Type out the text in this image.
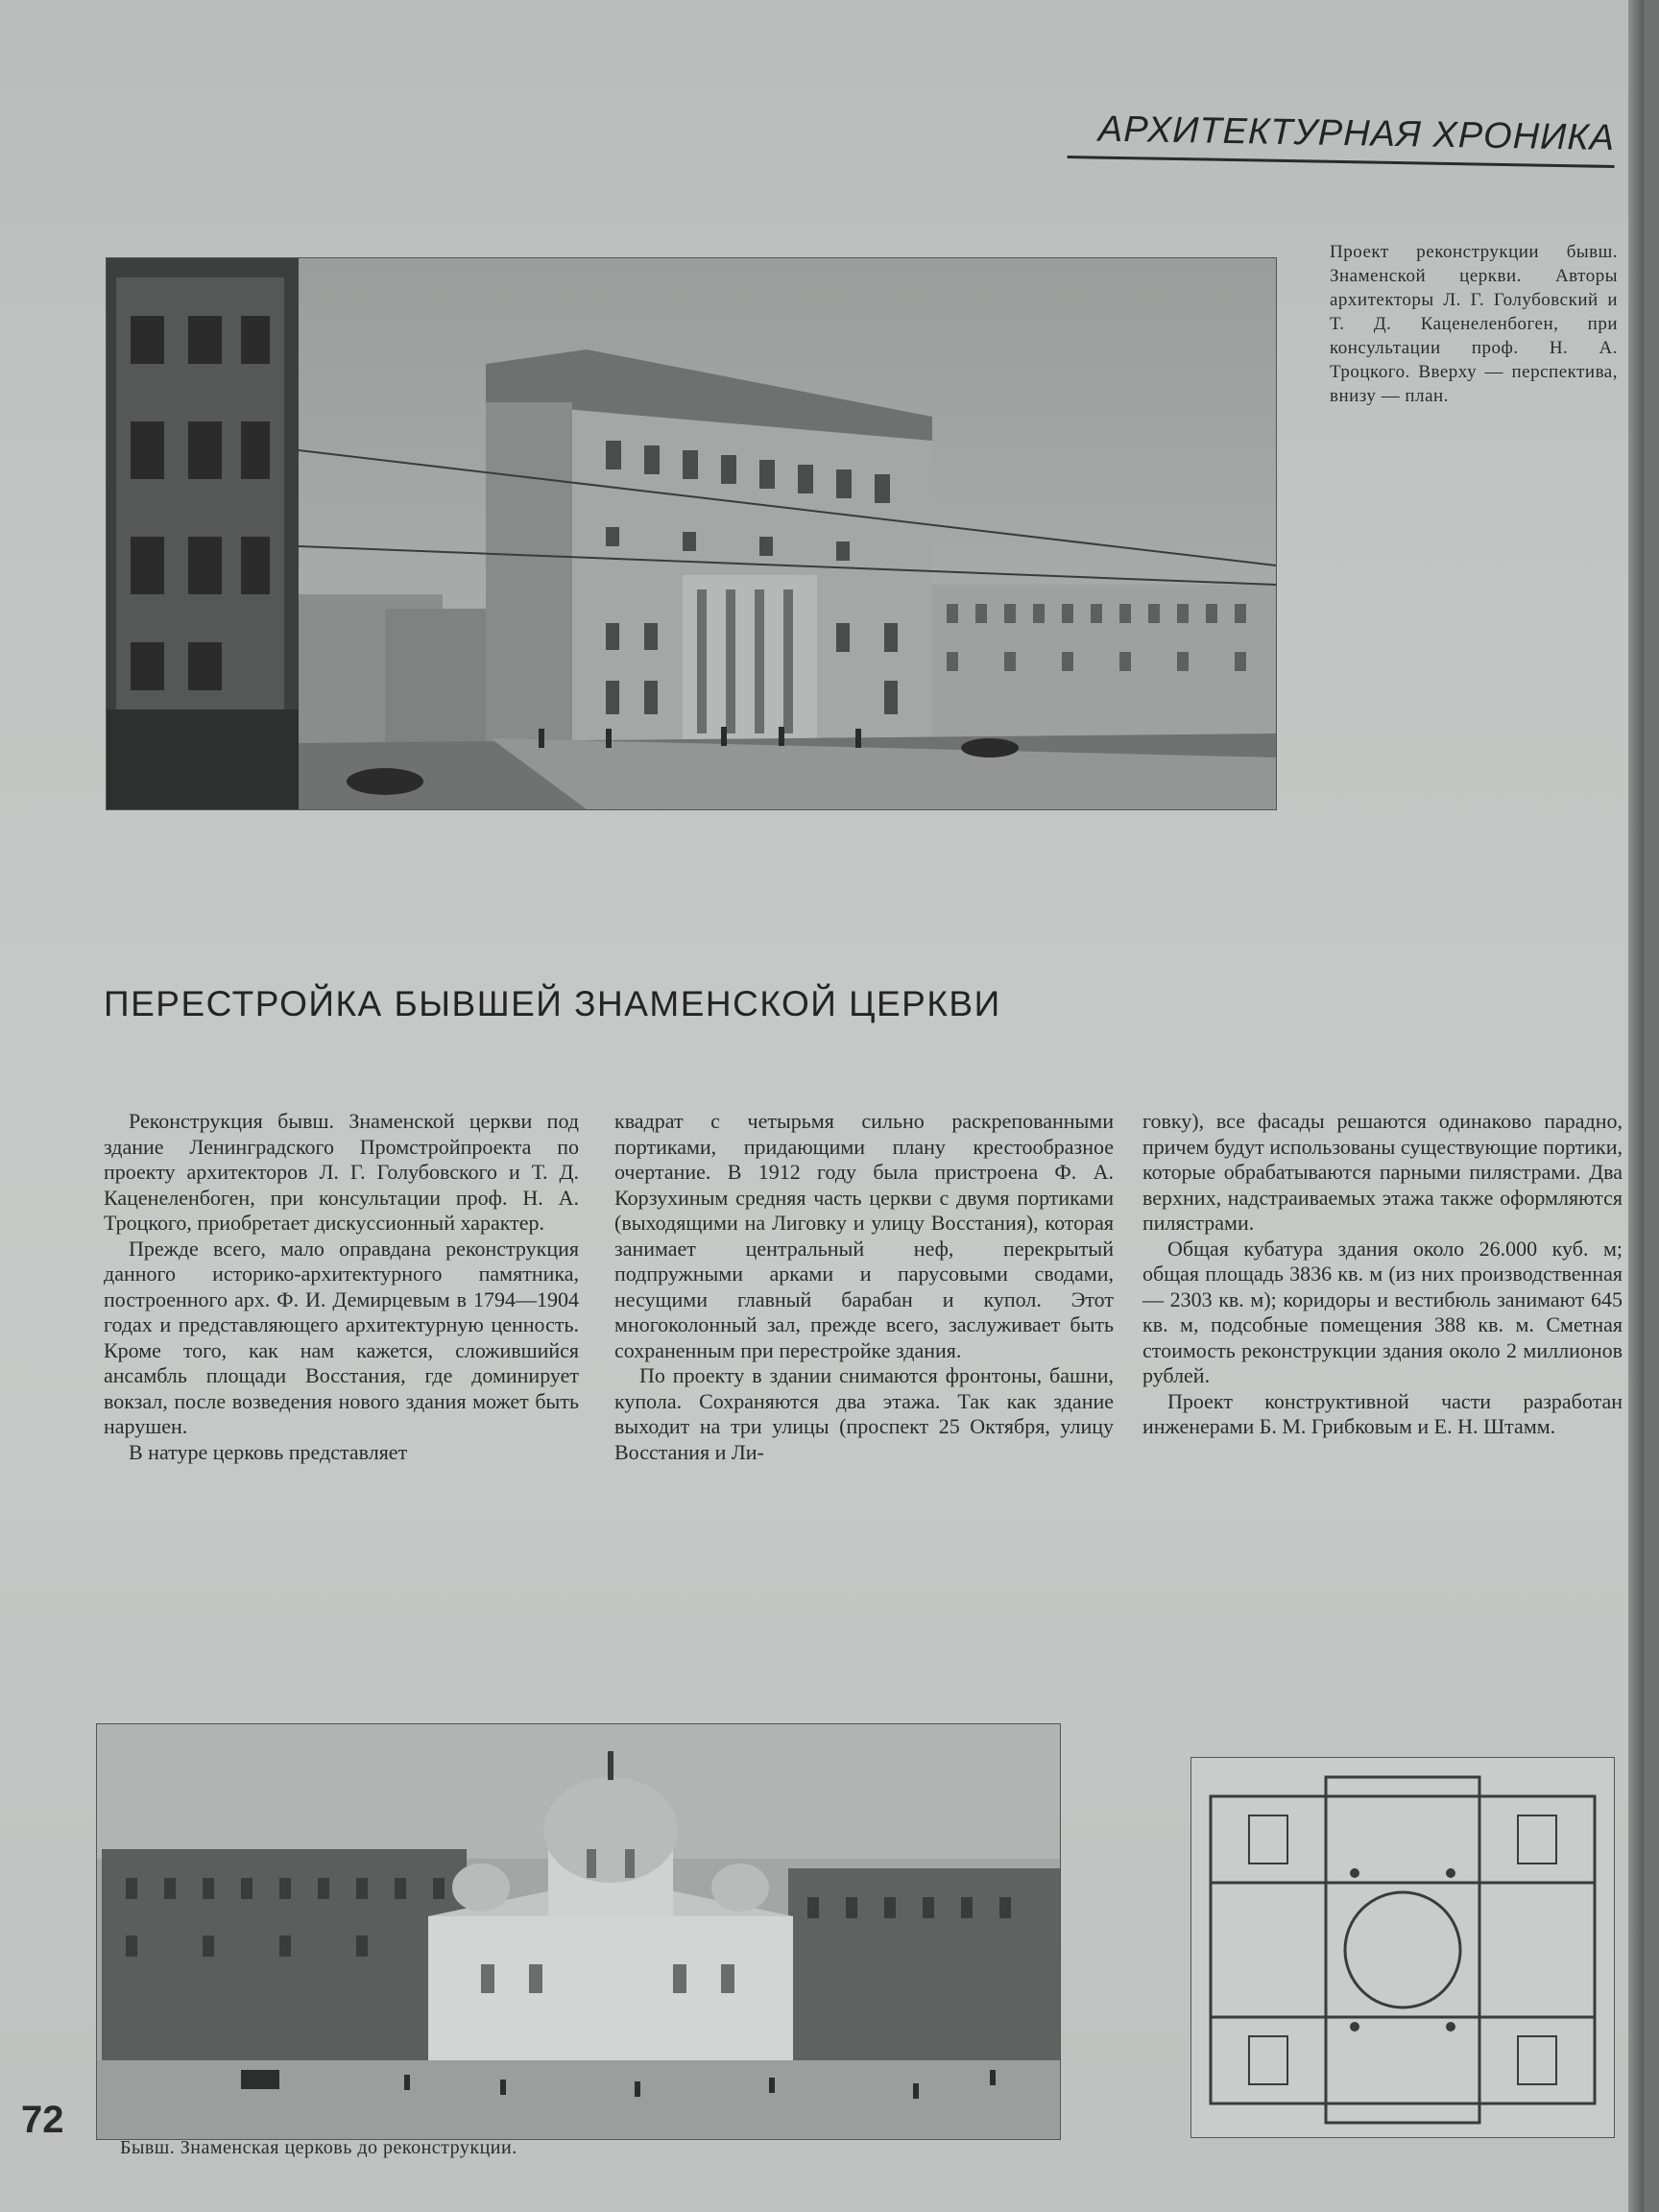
АРХИТЕКТУРНАЯ ХРОНИКА
Проект реконструкции бывш. Знаменской церкви. Авторы архитекторы Л. Г. Голубовский и Т. Д. Каценеленбоген, при консультации проф. Н. А. Троцкого. Вверху — перспектива, внизу — план.
ПЕРЕСТРОЙКА БЫВШЕЙ ЗНАМЕНСКОЙ ЦЕРКВИ

Реконструкция бывш. Знаменской церкви под здание Ленинградского Промстройпроекта по проекту архитекторов Л. Г. Голубовского и Т. Д. Каценеленбоген, при консультации проф. Н. А. Троцкого, приобретает дискуссионный характер.

Прежде всего, мало оправдана реконструкция данного историко-архитектурного памятника, построенного арх. Ф. И. Демирцевым в 1794—1904 годах и представляющего архитектурную ценность. Кроме того, как нам кажется, сложившийся ансамбль площади Восстания, где доминирует вокзал, после возведения нового здания может быть нарушен.

В натуре церковь представляет

квадрат с четырьмя сильно раскрепованными портиками, придающими плану крестообразное очертание. В 1912 году была пристроена Ф. А. Корзухиным средняя часть церкви с двумя портиками (выходящими на Лиговку и улицу Восстания), которая занимает центральный неф, перекрытый подпружными арками и парусовыми сводами, несущими главный барабан и купол. Этот многоколонный зал, прежде всего, заслуживает быть сохраненным при перестройке здания.

По проекту в здании снимаются фронтоны, башни, купола. Сохраняются два этажа. Так как здание выходит на три улицы (проспект 25 Октября, улицу Восстания и Ли-

говку), все фасады решаются одинаково парадно, причем будут использованы существующие портики, которые обрабатываются парными пилястрами. Два верхних, надстраиваемых этажа также оформляются пилястрами.

Общая кубатура здания около 26.000 куб. м; общая площадь 3836 кв. м (из них производственная — 2303 кв. м); коридоры и вестибюль занимают 645 кв. м, подсобные помещения 388 кв. м. Сметная стоимость реконструкции здания около 2 миллионов рублей.

Проект конструктивной части разработан инженерами Б. М. Грибковым и Е. Н. Штамм.

72
Бывш. Знаменская церковь до реконструкции.
